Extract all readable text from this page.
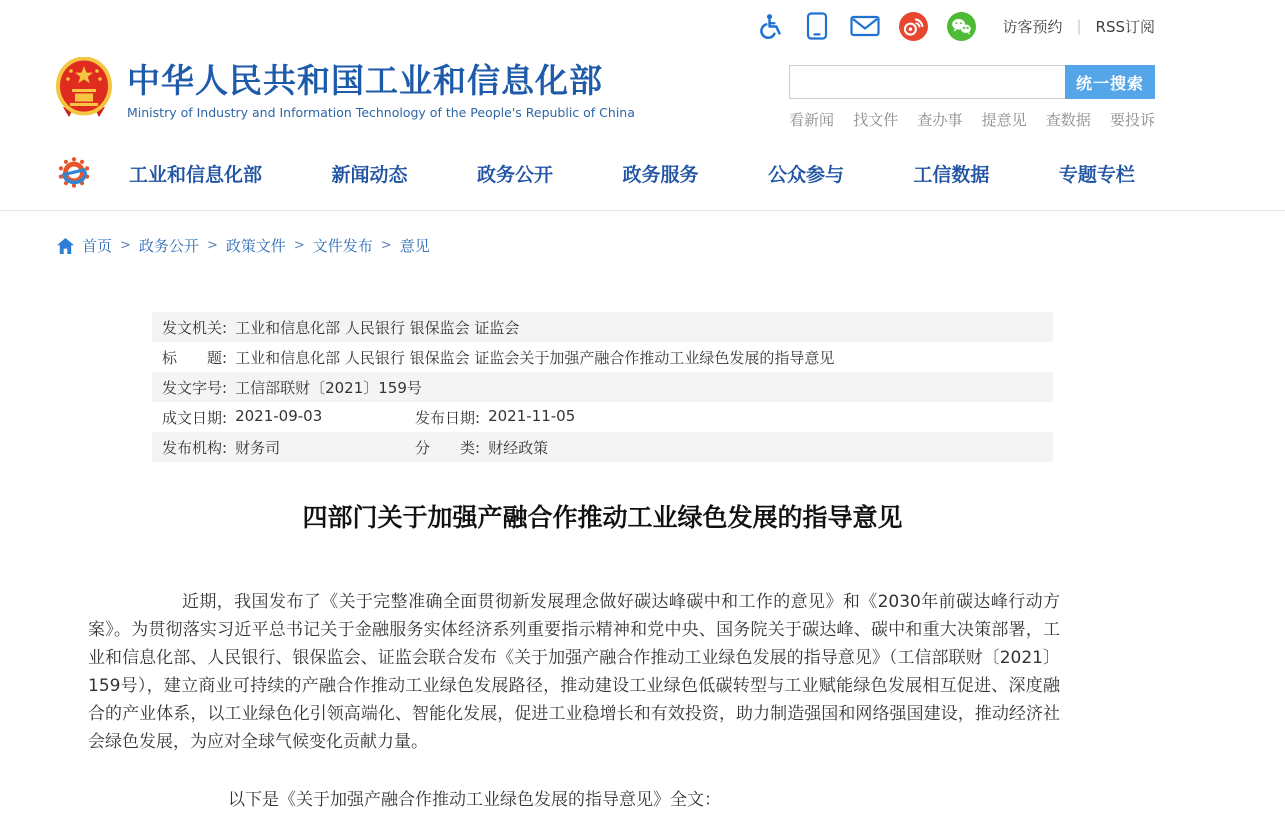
访客预约 | RSS订阅
中华人民共和国工业和信息化部
Ministry of Industry and Information Technology of the People's Republic of China
统一搜索
看新闻 找文件 查办事 提意见 查数据 要投诉
工业和信息化部	新闻动态	政务公开	政务服务	公众参与	工信数据	专题专栏
首页 > 政务公开 > 政策文件 > 文件发布 > 意见
发文机关: 工业和信息化部 人民银行 银保监会 证监会
标　　题: 工业和信息化部 人民银行 银保监会 证监会关于加强产融合作推动工业绿色发展的指导意见
发文字号: 工信部联财〔2021〕159号
成文日期: 2021-09-03	发布日期: 2021-11-05
发布机构: 财务司	分　　类: 财经政策
四部门关于加强产融合作推动工业绿色发展的指导意见

近期，我国发布了《关于完整准确全面贯彻新发展理念做好碳达峰碳中和工作的意见》和《2030年前碳达峰行动方案》。为贯彻落实习近平总书记关于金融服务实体经济系列重要指示精神和党中央、国务院关于碳达峰、碳中和重大决策部署，工业和信息化部、人民银行、银保监会、证监会联合发布《关于加强产融合作推动工业绿色发展的指导意见》（工信部联财〔2021〕159号），建立商业可持续的产融合作推动工业绿色发展路径，推动建设工业绿色低碳转型与工业赋能绿色发展相互促进、深度融合的产业体系，以工业绿色化引领高端化、智能化发展，促进工业稳增长和有效投资，助力制造强国和网络强国建设，推动经济社会绿色发展，为应对全球气候变化贡献力量。

以下是《关于加强产融合作推动工业绿色发展的指导意见》全文：
